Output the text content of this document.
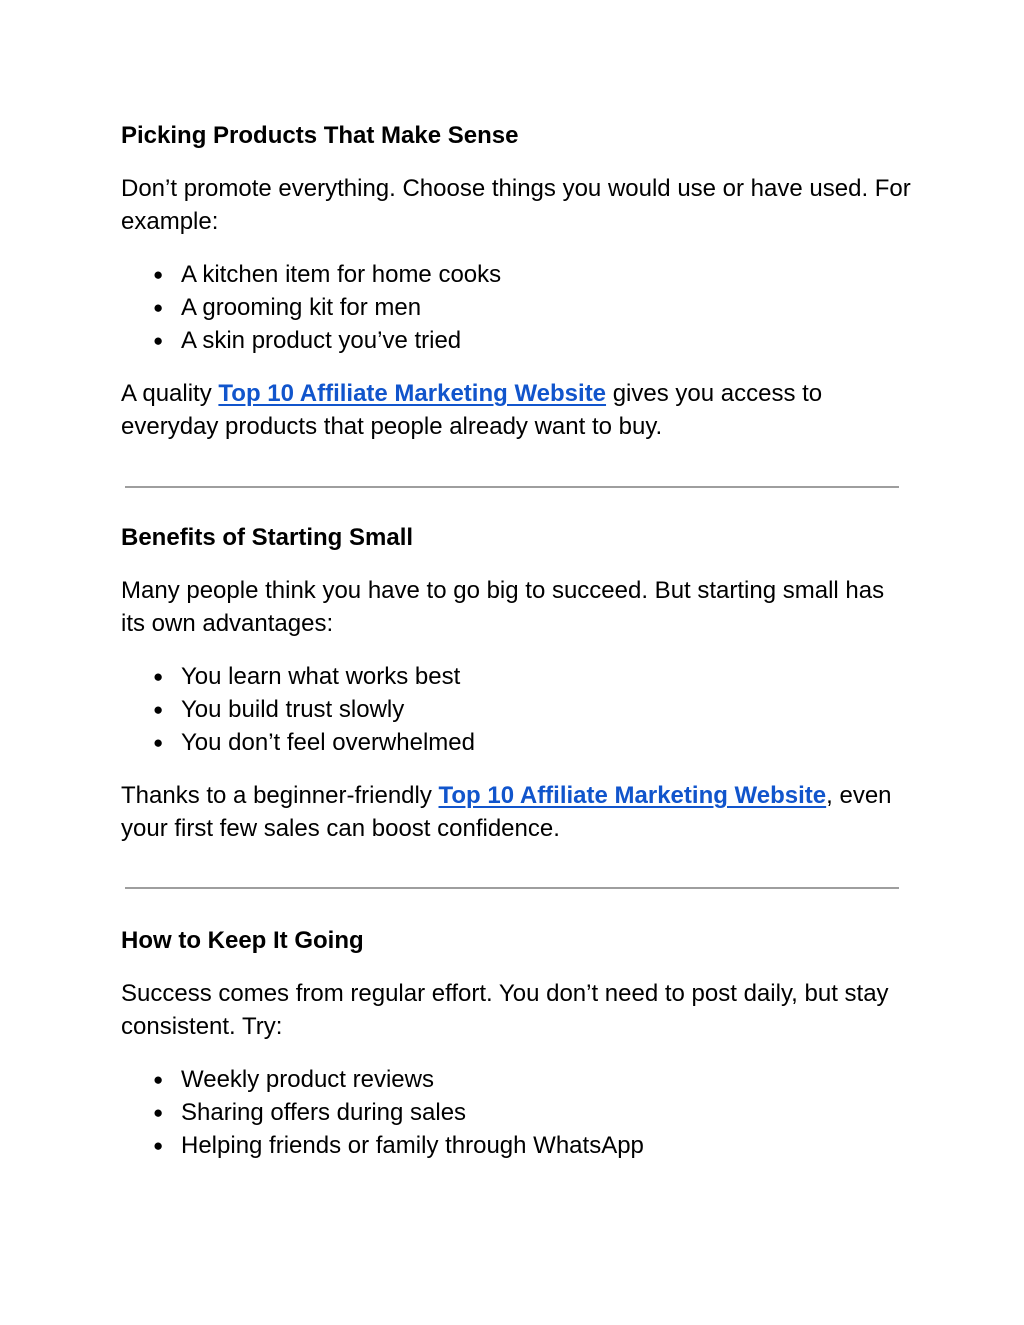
Picking Products That Make Sense

Don’t promote everything. Choose things you would use or have used. For example:

● A kitchen item for home cooks
● A grooming kit for men
● A skin product you’ve tried

A quality Top 10 Affiliate Marketing Website gives you access to everyday products that people already want to buy.

Benefits of Starting Small

Many people think you have to go big to succeed. But starting small has its own advantages:

● You learn what works best
● You build trust slowly
● You don’t feel overwhelmed

Thanks to a beginner-friendly Top 10 Affiliate Marketing Website, even your first few sales can boost confidence.

How to Keep It Going

Success comes from regular effort. You don’t need to post daily, but stay consistent. Try:

● Weekly product reviews
● Sharing offers during sales
● Helping friends or family through WhatsApp
